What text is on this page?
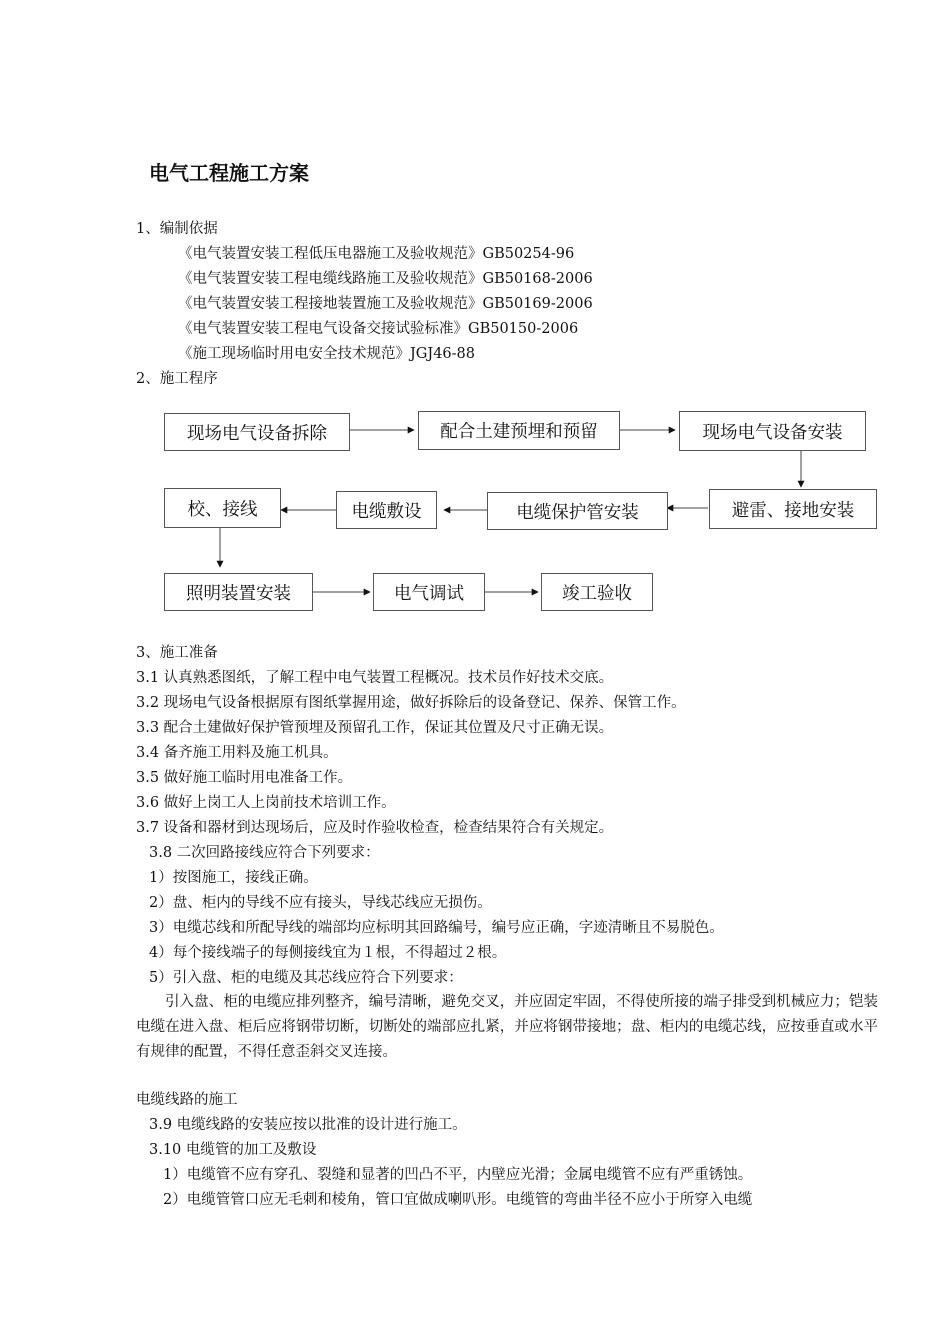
电气工程施工方案
1、编制依据
《电气装置安装工程低压电器施工及验收规范》GB50254-96
《电气装置安装工程电缆线路施工及验收规范》GB50168-2006
《电气装置安装工程接地装置施工及验收规范》GB50169-2006
《电气装置安装工程电气设备交接试验标准》GB50150-2006
《施工现场临时用电安全技术规范》JGJ46-88
2、施工程序
现场电气设备拆除	配合土建预埋和预留	现场电气设备安装
避雷、接地安装
电缆保护管安装
电缆敷设
校、接线
照明装置安装	电气调试	竣工验收
3、施工准备
3.1 认真熟悉图纸，了解工程中电气装置工程概况。技术员作好技术交底。
3.2 现场电气设备根据原有图纸掌握用途，做好拆除后的设备登记、保养、保管工作。
3.3 配合土建做好保护管预埋及预留孔工作，保证其位置及尺寸正确无误。
3.4 备齐施工用料及施工机具。
3.5 做好施工临时用电准备工作。
3.6 做好上岗工人上岗前技术培训工作。
3.7 设备和器材到达现场后，应及时作验收检查，检查结果符合有关规定。
3.8 二次回路接线应符合下列要求：
1）按图施工，接线正确。
2）盘、柜内的导线不应有接头，导线芯线应无损伤。
3）电缆芯线和所配导线的端部均应标明其回路编号，编号应正确，字迹清晰且不易脱色。
4）每个接线端子的每侧接线宜为１根，不得超过２根。
5）引入盘、柜的电缆及其芯线应符合下列要求：
引入盘、柜的电缆应排列整齐，编号清晰，避免交叉，并应固定牢固，不得使所接的端子排受到机械应力；铠装电缆在进入盘、柜后应将钢带切断，切断处的端部应扎紧，并应将钢带接地；盘、柜内的电缆芯线，应按垂直或水平有规律的配置，不得任意歪斜交叉连接。
电缆线路的施工
3.9 电缆线路的安装应按以批准的设计进行施工。
3.10 电缆管的加工及敷设
1）电缆管不应有穿孔、裂缝和显著的凹凸不平，内壁应光滑；金属电缆管不应有严重锈蚀。
2）电缆管管口应无毛刺和棱角，管口宜做成喇叭形。电缆管的弯曲半径不应小于所穿入电缆
